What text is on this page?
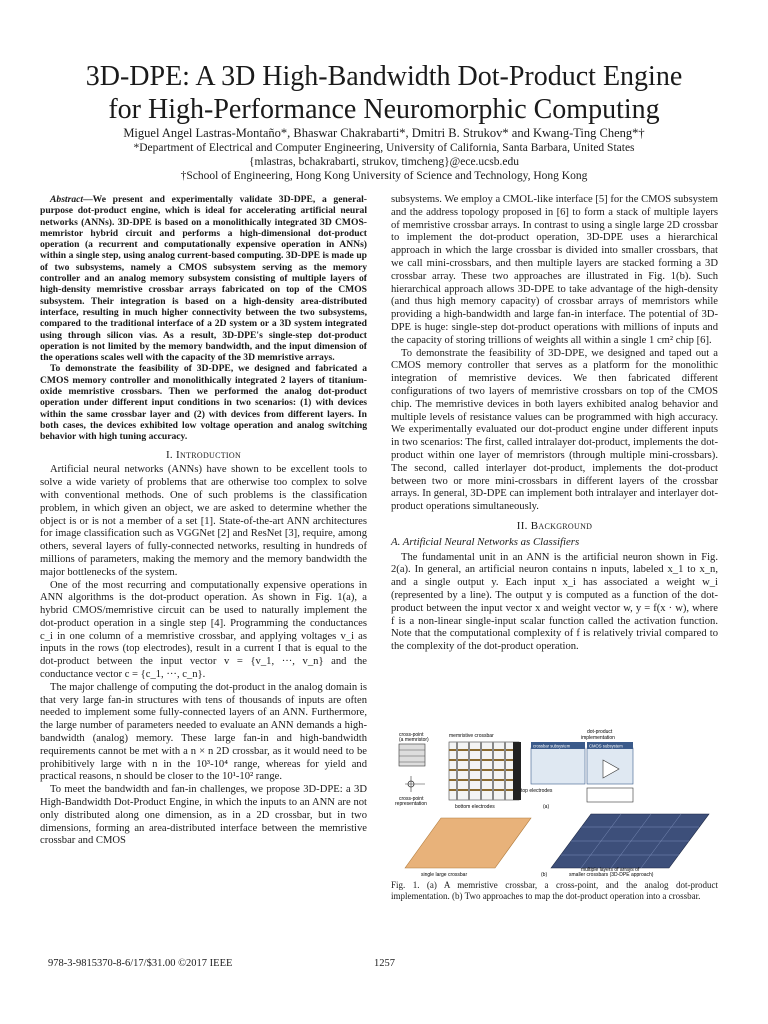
3D-DPE: A 3D High-Bandwidth Dot-Product Engine
for High-Performance Neuromorphic Computing
Miguel Angel Lastras-Montaño*, Bhaswar Chakrabarti*, Dmitri B. Strukov* and Kwang-Ting Cheng*†
*Department of Electrical and Computer Engineering, University of California, Santa Barbara, United States
{mlastras, bchakrabarti, strukov, timcheng}@ece.ucsb.edu
†School of Engineering, Hong Kong University of Science and Technology, Hong Kong

Abstract—We present and experimentally validate 3D-DPE, a general-purpose dot-product engine, which is ideal for accelerating artificial neural networks (ANNs). 3D-DPE is based on a monolithically integrated 3D CMOS-memristor hybrid circuit and performs a high-dimensional dot-product operation (a recurrent and computationally expensive operation in ANNs) within a single step, using analog current-based computing. 3D-DPE is made up of two subsystems, namely a CMOS subsystem serving as the memory controller and an analog memory subsystem consisting of multiple layers of high-density memristive crossbar arrays fabricated on top of the CMOS subsystem. Their integration is based on a high-density area-distributed interface, resulting in much higher connectivity between the two subsystems, compared to the traditional interface of a 2D system or a 3D system integrated using through silicon vias. As a result, 3D-DPE's single-step dot-product operation is not limited by the memory bandwidth, and the input dimension of the operations scales well with the capacity of the 3D memristive arrays.

To demonstrate the feasibility of 3D-DPE, we designed and fabricated a CMOS memory controller and monolithically integrated 2 layers of titanium-oxide memristive crossbars. Then we performed the analog dot-product operation under different input conditions in two scenarios: (1) with devices within the same crossbar layer and (2) with devices from different layers. In both cases, the devices exhibited low voltage operation and analog switching behavior with high tuning accuracy.

I. Introduction

Artificial neural networks (ANNs) have shown to be excellent tools to solve a wide variety of problems that are otherwise too complex to solve with conventional methods. One of such problems is the classification problem, in which given an object, we are asked to determine whether the object is or is not a member of a set [1]. State-of-the-art ANN architectures for image classification such as VGGNet [2] and ResNet [3], require, among others, several layers of fully-connected networks, resulting in hundreds of millions of parameters, making the memory and the memory bandwidth the major bottlenecks of the system.

One of the most recurring and computationally expensive operations in ANN algorithms is the dot-product operation. As shown in Fig. 1(a), a hybrid CMOS/memristive circuit can be used to naturally implement the dot-product operation in a single step [4]. Programming the conductances c_i in one column of a memristive crossbar, and applying voltages v_i as inputs in the rows (top electrodes), result in a current I that is equal to the dot-product between the input vector v = {v_1, ···, v_n} and the conductance vector c = {c_1, ···, c_n}.

The major challenge of computing the dot-product in the analog domain is that very large fan-in structures with tens of thousands of inputs are often needed to implement some fully-connected layers of an ANN. Furthermore, the large number of parameters needed to evaluate an ANN demands a high-bandwidth (analog) memory. These large fan-in and high-bandwidth requirements cannot be met with a n × n 2D crossbar, as it would need to be prohibitively large with n in the 10³-10⁴ range, whereas for yield and practical reasons, n should be closer to the 10¹-10² range.

To meet the bandwidth and fan-in challenges, we propose 3D-DPE: a 3D High-Bandwidth Dot-Product Engine, in which the inputs to an ANN are not only distributed along one dimension, as in a 2D crossbar, but in two dimensions, forming an area-distributed interface between the memristive crossbar and CMOS

subsystems. We employ a CMOL-like interface [5] for the CMOS subsystem and the address topology proposed in [6] to form a stack of multiple layers of memristive crossbar arrays. In contrast to using a single large 2D crossbar to implement the dot-product operation, 3D-DPE uses a hierarchical approach in which the large crossbar is divided into smaller crossbars, that we call mini-crossbars, and then multiple layers are stacked forming a 3D crossbar array. These two approaches are illustrated in Fig. 1(b). Such hierarchical approach allows 3D-DPE to take advantage of the high-density (and thus high memory capacity) of crossbar arrays of memristors while providing a high-bandwidth and large fan-in interface. The potential of 3D-DPE is huge: single-step dot-product operations with millions of inputs and the capacity of storing trillions of weights all within a single 1 cm² chip [6].

To demonstrate the feasibility of 3D-DPE, we designed and taped out a CMOS memory controller that serves as a platform for the monolithic integration of memristive devices. We then fabricated different configurations of two layers of memristive crossbars on top of the CMOS chip. The memristive devices in both layers exhibited analog behavior and multiple levels of resistance values can be programmed with high accuracy. We experimentally evaluated our dot-product engine under different inputs in two scenarios: The first, called intralayer dot-product, implements the dot-product within one layer of memristors (through multiple mini-crossbars). The second, called interlayer dot-product, implements the dot-product between two or more mini-crossbars in different layers of the crossbar arrays. In general, 3D-DPE can implement both intralayer and interlayer dot-product operations simultaneously.

II. Background
A. Artificial Neural Networks as Classifiers

The fundamental unit in an ANN is the artificial neuron shown in Fig. 2(a). In general, an artificial neuron contains n inputs, labeled x_1 to x_n, and a single output y. Each input x_i has associated a weight w_i (represented by a line). The output y is computed as a function of the dot-product between the input vector x and weight vector w, y = f(x · w), where f is a non-linear single-input scalar function called the activation function. Note that the computational complexity of f is relatively trivial compared to the complexity of the dot-product operation.

cross-point
(a memristor)
memristive crossbar
dot-product
implementation
crossbar subsystem	CMOS subsystem
cross-point
representation
top electrodes
bottom electrodes	(a)
single large crossbar	(b)
multiple layers of arrays of
smaller crossbars (3D-DPE approach)
Fig. 1. (a) A memristive crossbar, a cross-point, and the analog dot-product implementation. (b) Two approaches to map the dot-product operation into a crossbar.
978-3-9815370-8-6/17/$31.00 ©2017 IEEE	1257
